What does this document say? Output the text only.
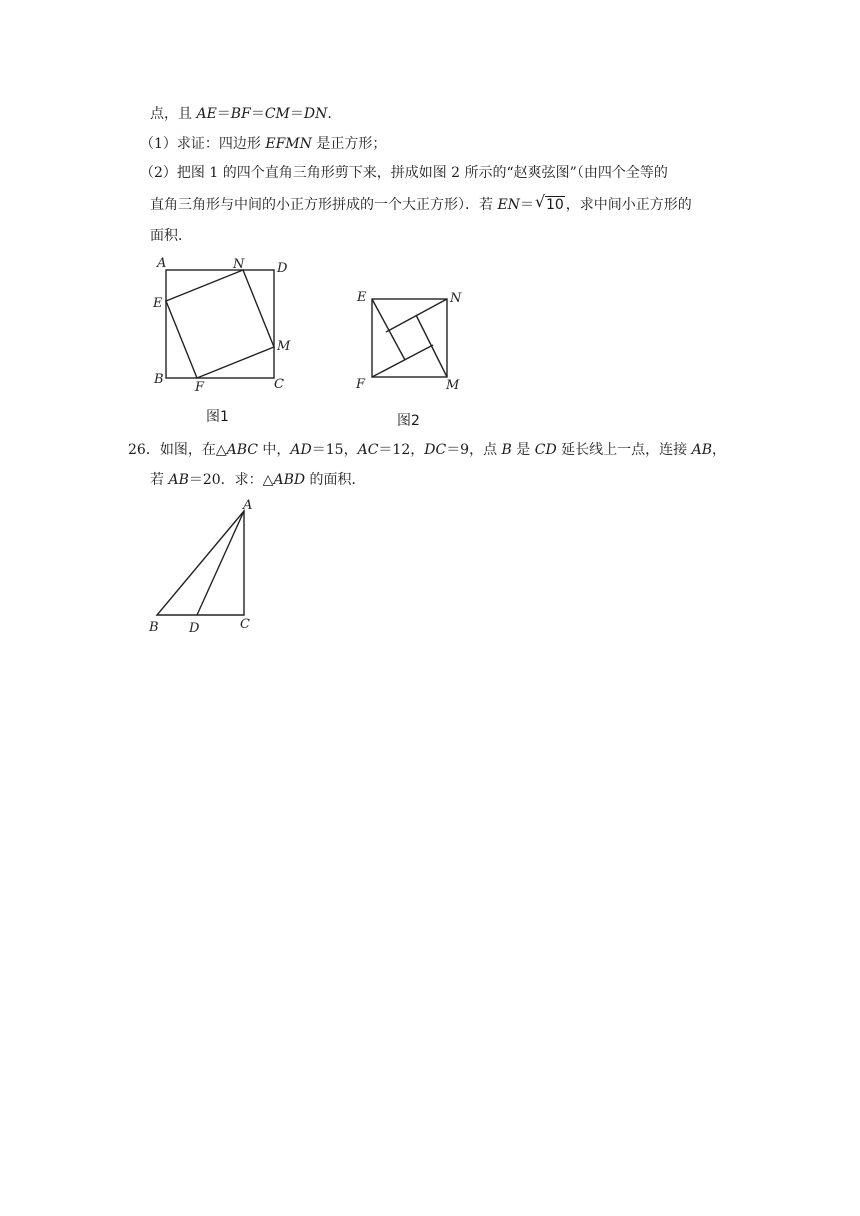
点，且 AE＝BF＝CM＝DN.
（1）求证：四边形 EFMN 是正方形；
（2）把图 1 的四个直角三角形剪下来，拼成如图 2 所示的“赵爽弦图”（由四个全等的
直角三角形与中间的小正方形拼成的一个大正方形）．若 EN＝ √ 10 ，求中间小正方形的
面积．
A	N	D
E
M
B
F	C
图1
E	N
F	M
图2
26．如图，在△ABC 中，AD＝15，AC＝12，DC＝9，点 B 是 CD 延长线上一点，连接 AB，
若 AB＝20．求：△ABD 的面积．
A
B D	C
